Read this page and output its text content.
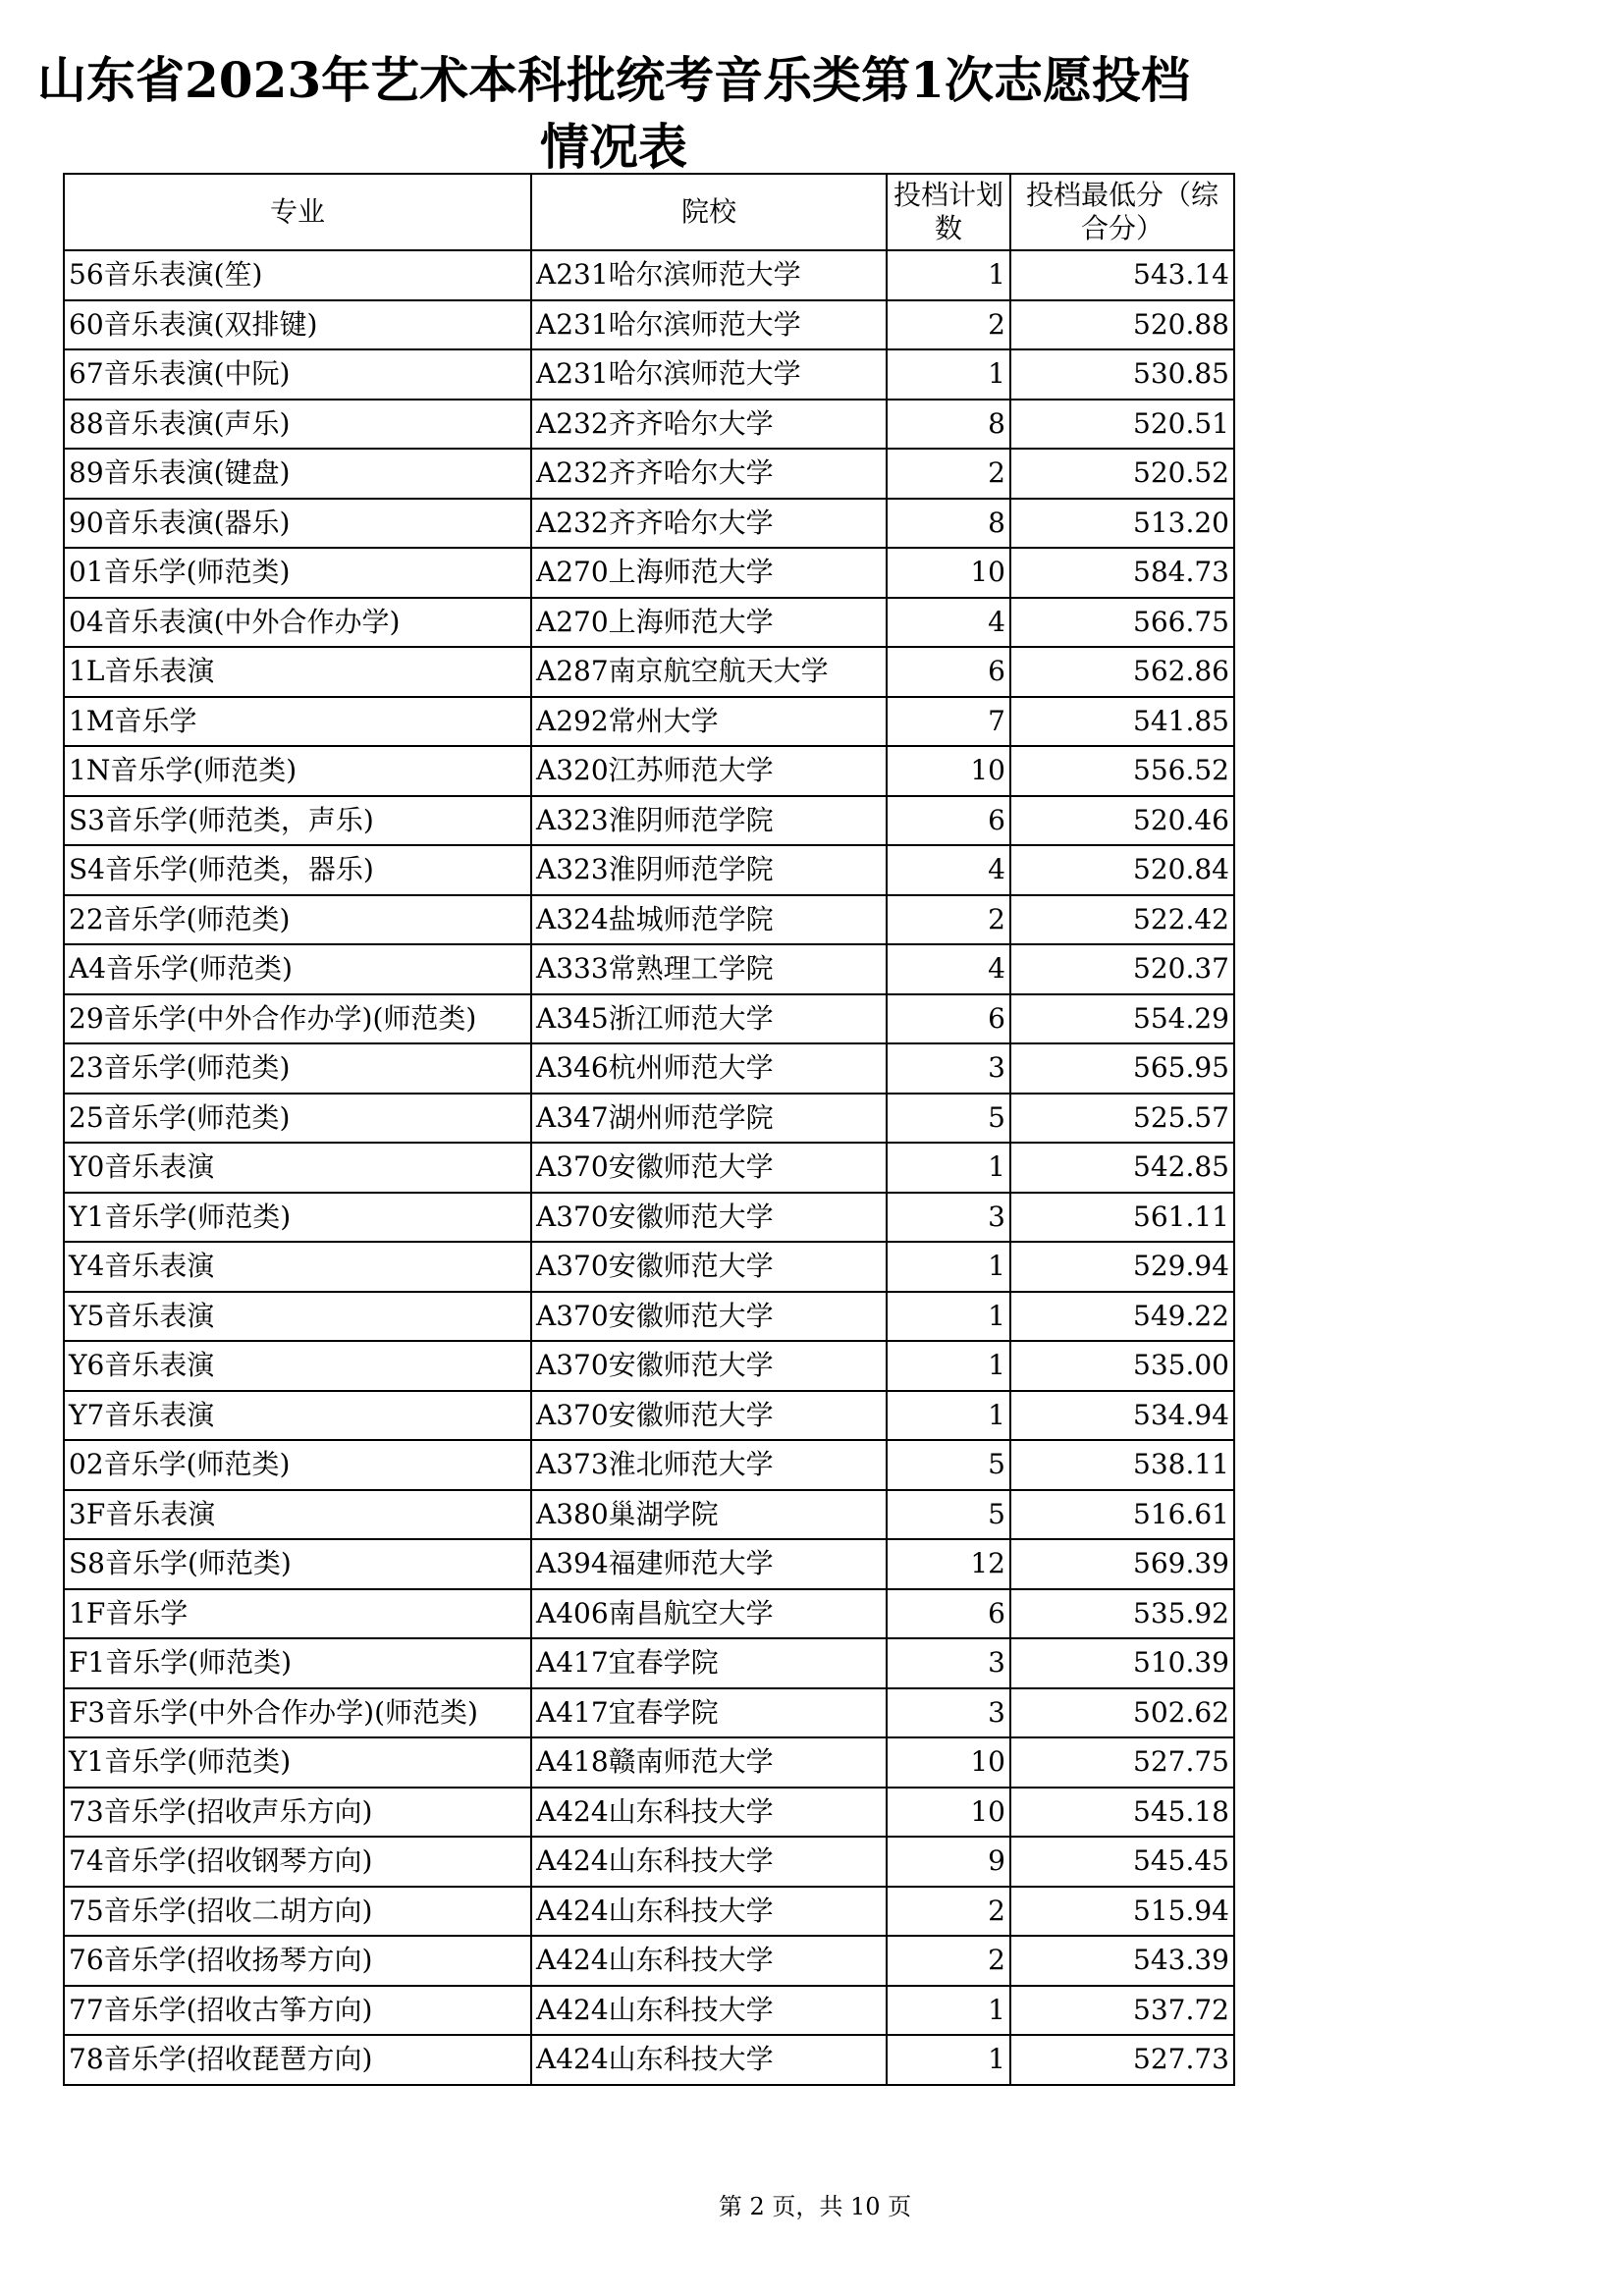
山东省2023年艺术本科批统考音乐类第1次志愿投档
情况表
专业	院校	投档计划数	投档最低分（综合分）
56音乐表演(笙)	A231哈尔滨师范大学	1	543.14
60音乐表演(双排键)	A231哈尔滨师范大学	2	520.88
67音乐表演(中阮)	A231哈尔滨师范大学	1	530.85
88音乐表演(声乐)	A232齐齐哈尔大学	8	520.51
89音乐表演(键盘)	A232齐齐哈尔大学	2	520.52
90音乐表演(器乐)	A232齐齐哈尔大学	8	513.20
01音乐学(师范类)	A270上海师范大学	10	584.73
04音乐表演(中外合作办学)	A270上海师范大学	4	566.75
1L音乐表演	A287南京航空航天大学	6	562.86
1M音乐学	A292常州大学	7	541.85
1N音乐学(师范类)	A320江苏师范大学	10	556.52
S3音乐学(师范类，声乐)	A323淮阴师范学院	6	520.46
S4音乐学(师范类，器乐)	A323淮阴师范学院	4	520.84
22音乐学(师范类)	A324盐城师范学院	2	522.42
A4音乐学(师范类)	A333常熟理工学院	4	520.37
29音乐学(中外合作办学)(师范类)	A345浙江师范大学	6	554.29
23音乐学(师范类)	A346杭州师范大学	3	565.95
25音乐学(师范类)	A347湖州师范学院	5	525.57
Y0音乐表演	A370安徽师范大学	1	542.85
Y1音乐学(师范类)	A370安徽师范大学	3	561.11
Y4音乐表演	A370安徽师范大学	1	529.94
Y5音乐表演	A370安徽师范大学	1	549.22
Y6音乐表演	A370安徽师范大学	1	535.00
Y7音乐表演	A370安徽师范大学	1	534.94
02音乐学(师范类)	A373淮北师范大学	5	538.11
3F音乐表演	A380巢湖学院	5	516.61
S8音乐学(师范类)	A394福建师范大学	12	569.39
1F音乐学	A406南昌航空大学	6	535.92
F1音乐学(师范类)	A417宜春学院	3	510.39
F3音乐学(中外合作办学)(师范类)	A417宜春学院	3	502.62
Y1音乐学(师范类)	A418赣南师范大学	10	527.75
73音乐学(招收声乐方向)	A424山东科技大学	10	545.18
74音乐学(招收钢琴方向)	A424山东科技大学	9	545.45
75音乐学(招收二胡方向)	A424山东科技大学	2	515.94
76音乐学(招收扬琴方向)	A424山东科技大学	2	543.39
77音乐学(招收古筝方向)	A424山东科技大学	1	537.72
78音乐学(招收琵琶方向)	A424山东科技大学	1	527.73
第 2 页，共 10 页
